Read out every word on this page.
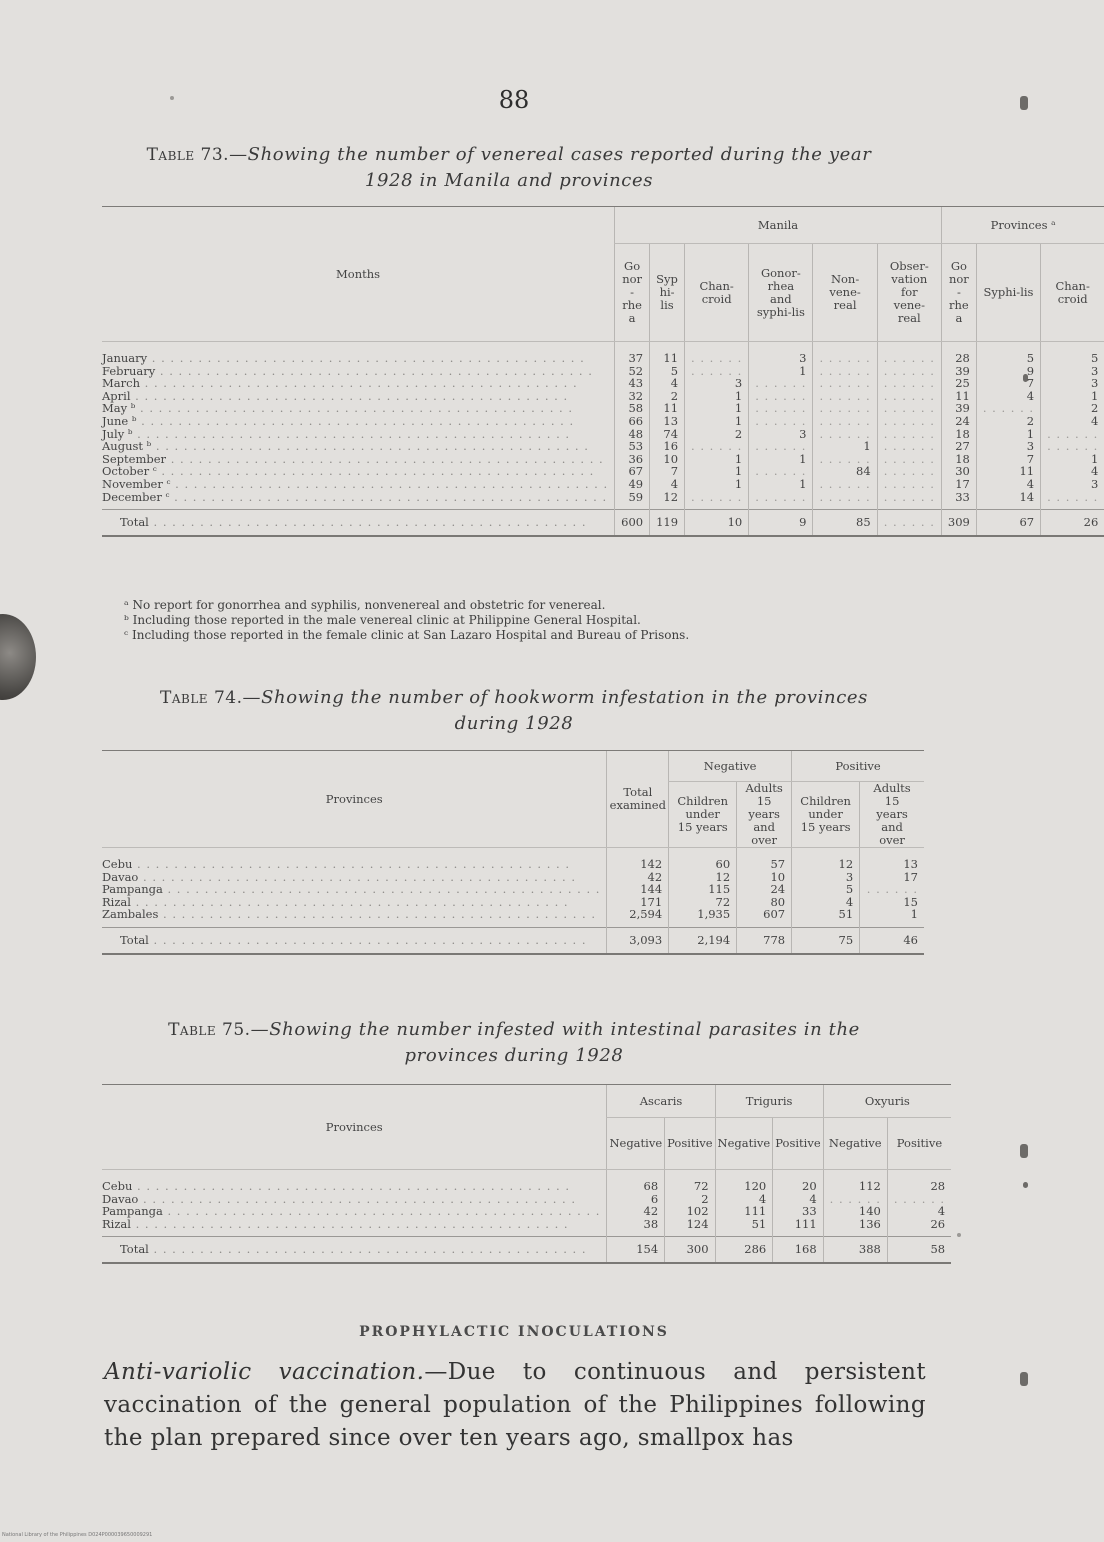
88
Table 73.—Showing the number of venereal cases reported during the year
1928 in Manila and provinces
Months	Manila						Provinces ᵃ		
	Gonor-rhea	Syphi-lis	Chan-croid	Gonor-rhea and syphi-lis	Non-vene-real	Obser-vation for vene-real	Gonor-rhea	Syphi-lis	Chan-croid
January . . .	37	11	. . . . . .	3	. . . . . .	. . . . . .	28	5	5
February . . .	52	5	. . . . . .	1	. . . . . .	. . . . . .	39	9	3
March . . .	43	4	3	. . . . . .	. . . . . .	. . . . . .	25	7	3
April . . .	32	2	1	. . . . . .	. . . . . .	. . . . . .	11	4	1
May ᵇ . . .	58	11	1	. . . . . .	. . . . . .	. . . . . .	39	. . . . . .	2
June ᵇ . . .	66	13	1	. . . . . .	. . . . . .	. . . . . .	24	2	4
July ᵇ . . .	48	74	2	3	. . . . . .	. . . . . .	18	1	. . . . . .
August ᵇ . . .	53	16	. . . . . .	. . . . . .	1	. . . . . .	27	3	. . . . . .
September . . .	36	10	1	1	. . . . . .	. . . . . .	18	7	1
October ᶜ . . .	67	7	1	. . . . . .	84	. . . . . .	30	11	4
November ᶜ . . .	49	4	1	1	. . . . . .	. . . . . .	17	4	3
December ᶜ . . .	59	12	. . . . . .	. . . . . .	. . . . . .	. . . . . .	33	14	. . . . . .
Total . . .	600	119	10	9	85	. . . . . .	309	67	26

ᵃ No report for gonorrhea and syphilis, nonvenereal and obstetric for venereal.

ᵇ Including those reported in the male venereal clinic at Philippine General Hospital.

ᶜ Including those reported in the female clinic at San Lazaro Hospital and Bureau of Prisons.

Table 74.—Showing the number of hookworm infestation in the provinces
during 1928
Provinces	Total examined	Negative		Positive	
		Children under 15 years	Adults 15 years and over	Children under 15 years	Adults 15 years and over
Cebu . . .	142	60	57	12	13
Davao . . .	42	12	10	3	17
Pampanga . . .	144	115	24	5	. . . . . .
Rizal . . .	171	72	80	4	15
Zambales . . .	2,594	1,935	607	51	1
Total . . .	3,093	2,194	778	75	46
Table 75.—Showing the number infested with intestinal parasites in the
provinces during 1928
Provinces	Ascaris		Triguris		Oxyuris	
	Negative	Positive	Negative	Positive	Negative	Positive
Cebu . . .	68	72	120	20	112	28
Davao . . .	6	2	4	4	. . . . . .	. . . . . .
Pampanga . . .	42	102	111	33	140	4
Rizal . . .	38	124	51	111	136	26
Total . . .	154	300	286	168	388	58
PROPHYLACTIC INOCULATIONS
Anti-variolic vaccination.—Due to continuous and persistent vaccination of the general population of the Philippines following the plan prepared since over ten years ago, smallpox has
National Library of the Philippines D024P000039650009291
